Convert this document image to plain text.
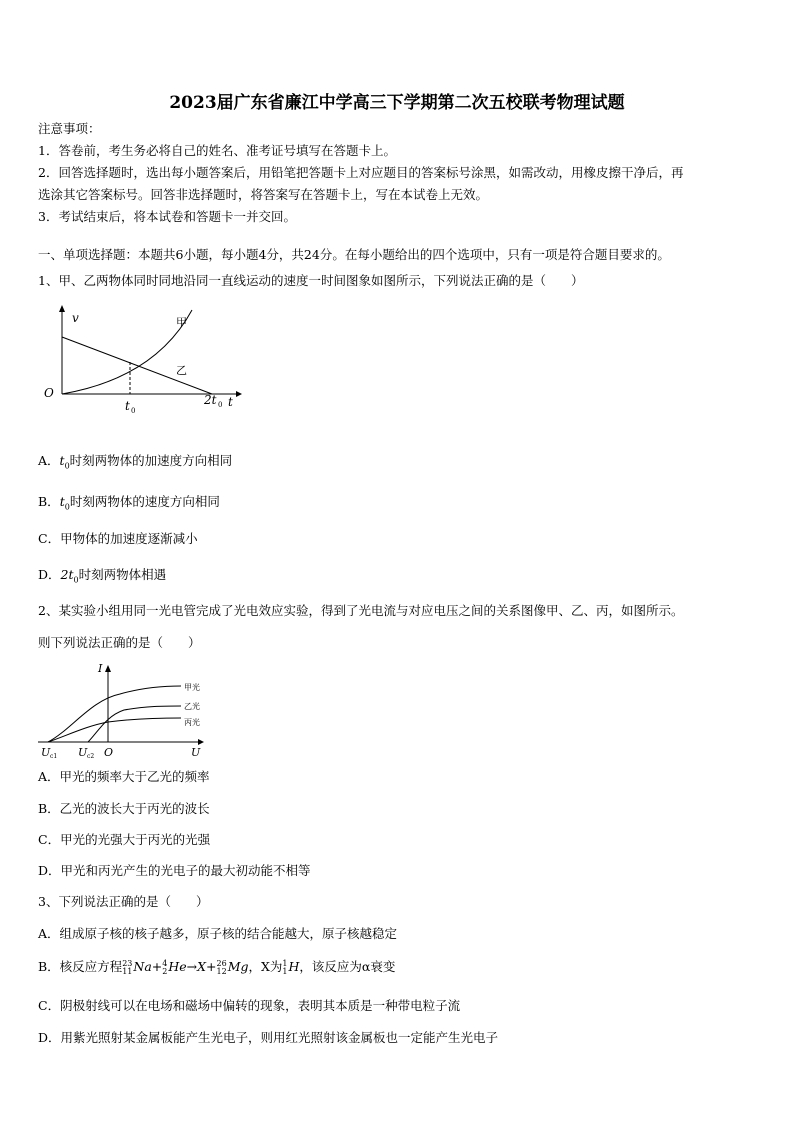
2023届广东省廉江中学高三下学期第二次五校联考物理试题
注意事项：
1．答卷前，考生务必将自己的姓名、准考证号填写在答题卡上。
2．回答选择题时，选出每小题答案后，用铅笔把答题卡上对应题目的答案标号涂黑，如需改动，用橡皮擦干净后，再
选涂其它答案标号。回答非选择题时，将答案写在答题卡上，写在本试卷上无效。
3．考试结束后，将本试卷和答题卡一并交回。
一、单项选择题：本题共6小题，每小题4分，共24分。在每小题给出的四个选项中，只有一项是符合题目要求的。
1、甲、乙两物体同时同地沿同一直线运动的速度一时间图象如图所示，下列说法正确的是（　　）
v
O
t
甲
乙
t 0
2t 0
A．$t_0$时刻两物体的加速度方向相同
B．$t_0$时刻两物体的速度方向相同
C．甲物体的加速度逐渐减小
D．$2t_0$时刻两物体相遇
2、某实验小组用同一光电管完成了光电效应实验，得到了光电流与对应电压之间的关系图像甲、乙、丙，如图所示。
则下列说法正确的是（　　）
I
甲光
乙光
丙光
U c1 U c2 O	U
A．甲光的频率大于乙光的频率
B．乙光的波长大于丙光的波长
C．甲光的光强大于丙光的光强
D．甲光和丙光产生的光电子的最大初动能不相等
3、下列说法正确的是（　　）
A．组成原子核的核子越多，原子核的结合能越大，原子核越稳定
B．核反应方程23
11Na+4
2He→X+26
12Mg，X为1
1H，该反应为α衰变
C．阴极射线可以在电场和磁场中偏转的现象，表明其本质是一种带电粒子流
D．用紫光照射某金属板能产生光电子，则用红光照射该金属板也一定能产生光电子
